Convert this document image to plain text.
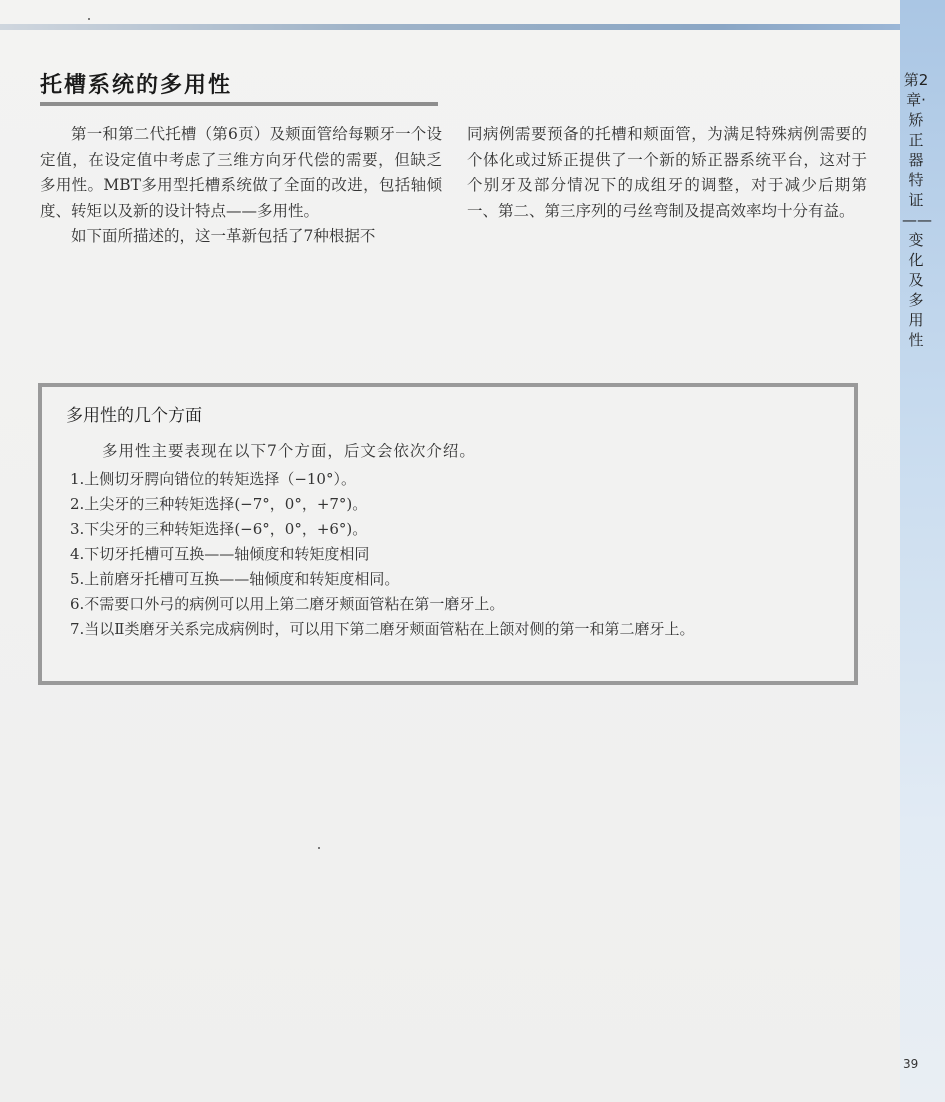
第2章·矫正器特证——变化及多用性
托槽系统的多用性

第一和第二代托槽（第6页）及颊面管给每颗牙一个设定值，在设定值中考虑了三维方向牙代偿的需要，但缺乏多用性。MBT多用型托槽系统做了全面的改进，包括轴倾度、转矩以及新的设计特点——多用性。

如下面所描述的，这一革新包括了7种根据不

同病例需要预备的托槽和颊面管，为满足特殊病例需要的个体化或过矫正提供了一个新的矫正器系统平台，这对于个别牙及部分情况下的成组牙的调整，对于减少后期第一、第二、第三序列的弓丝弯制及提高效率均十分有益。

多用性的几个方面
多用性主要表现在以下7个方面，后文会依次介绍。
1.上侧切牙腭向错位的转矩选择（−10°）。
2.上尖牙的三种转矩选择(−7°，0°，+7°)。
3.下尖牙的三种转矩选择(−6°，0°，+6°)。
4.下切牙托槽可互换——轴倾度和转矩度相同
5.上前磨牙托槽可互换——轴倾度和转矩度相同。
6.不需要口外弓的病例可以用上第二磨牙颊面管粘在第一磨牙上。
7.当以Ⅱ类磨牙关系完成病例时，可以用下第二磨牙颊面管粘在上颌对侧的第一和第二磨牙上。
39
